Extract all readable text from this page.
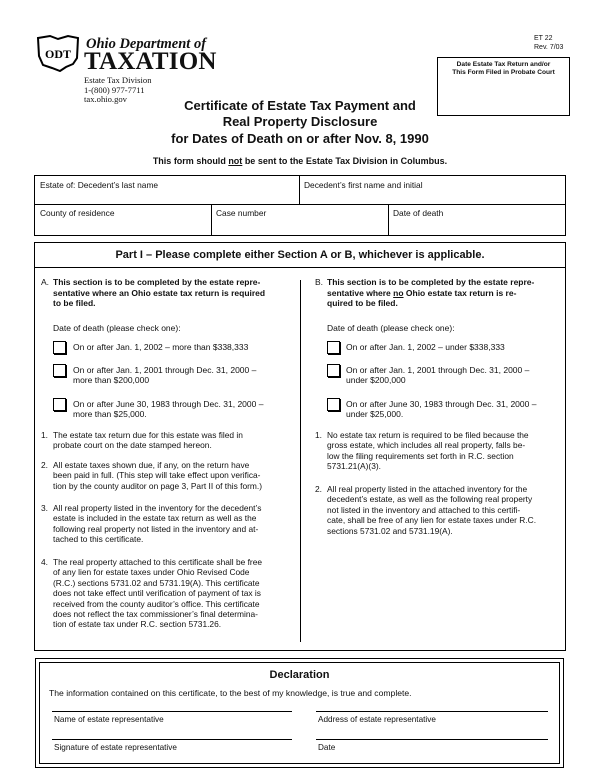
ODT
Ohio Department of
TAXATION
Estate Tax Division
1-(800) 977-7711
tax.ohio.gov
ET 22
Rev. 7/03
Date Estate Tax Return and/or
This Form Filed in Probate Court
Certificate of Estate Tax Payment and
Real Property Disclosure
for Dates of Death on or after Nov. 8, 1990
This form should not be sent to the Estate Tax Division in Columbus.
Estate of: Decedent’s last name	Decedent’s first name and initial
County of residence	Case number	Date of death
Part I – Please complete either Section A or B, whichever is applicable.
A. This section is to be completed by the estate repre-
sentative where an Ohio estate tax return is required
to be filed.
Date of death (please check one):
On or after Jan. 1, 2002 – more than $338,333
On or after Jan. 1, 2001 through Dec. 31, 2000 –
more than $200,000
On or after June 30, 1983 through Dec. 31, 2000 –
more than $25,000.
1. The estate tax return due for this estate was filed in
probate court on the date stamped hereon.
2. All estate taxes shown due, if any, on the return have
been paid in full. (This step will take effect upon verifica-
tion by the county auditor on page 3, Part II of this form.)
3. All real property listed in the inventory for the decedent’s
estate is included in the estate tax return as well as the
following real property not listed in the inventory and at-
tached to this certificate.
4. The real property attached to this certificate shall be free
of any lien for estate taxes under Ohio Revised Code
(R.C.) sections 5731.02 and 5731.19(A). This certificate
does not take effect until verification of payment of tax is
received from the county auditor’s office. This certificate
does not reflect the tax commissioner’s final determina-
tion of estate tax under R.C. section 5731.26.
B. This section is to be completed by the estate repre-
sentative where no Ohio estate tax return is re-
quired to be filed.
Date of death (please check one):
On or after Jan. 1, 2002 – under $338,333
On or after Jan. 1, 2001 through Dec. 31, 2000 –
under $200,000
On or after June 30, 1983 through Dec. 31, 2000 –
under $25,000.
1. No estate tax return is required to be filed because the
gross estate, which includes all real property, falls be-
low the filing requirements set forth in R.C. section
5731.21(A)(3).
2. All real property listed in the attached inventory for the
decedent’s estate, as well as the following real property
not listed in the inventory and attached to this certifi-
cate, shall be free of any lien for estate taxes under R.C.
sections 5731.02 and 5731.19(A).
Declaration
The information contained on this certificate, to the best of my knowledge, is true and complete.
Name of estate representative	Address of estate representative
Signature of estate representative	Date
